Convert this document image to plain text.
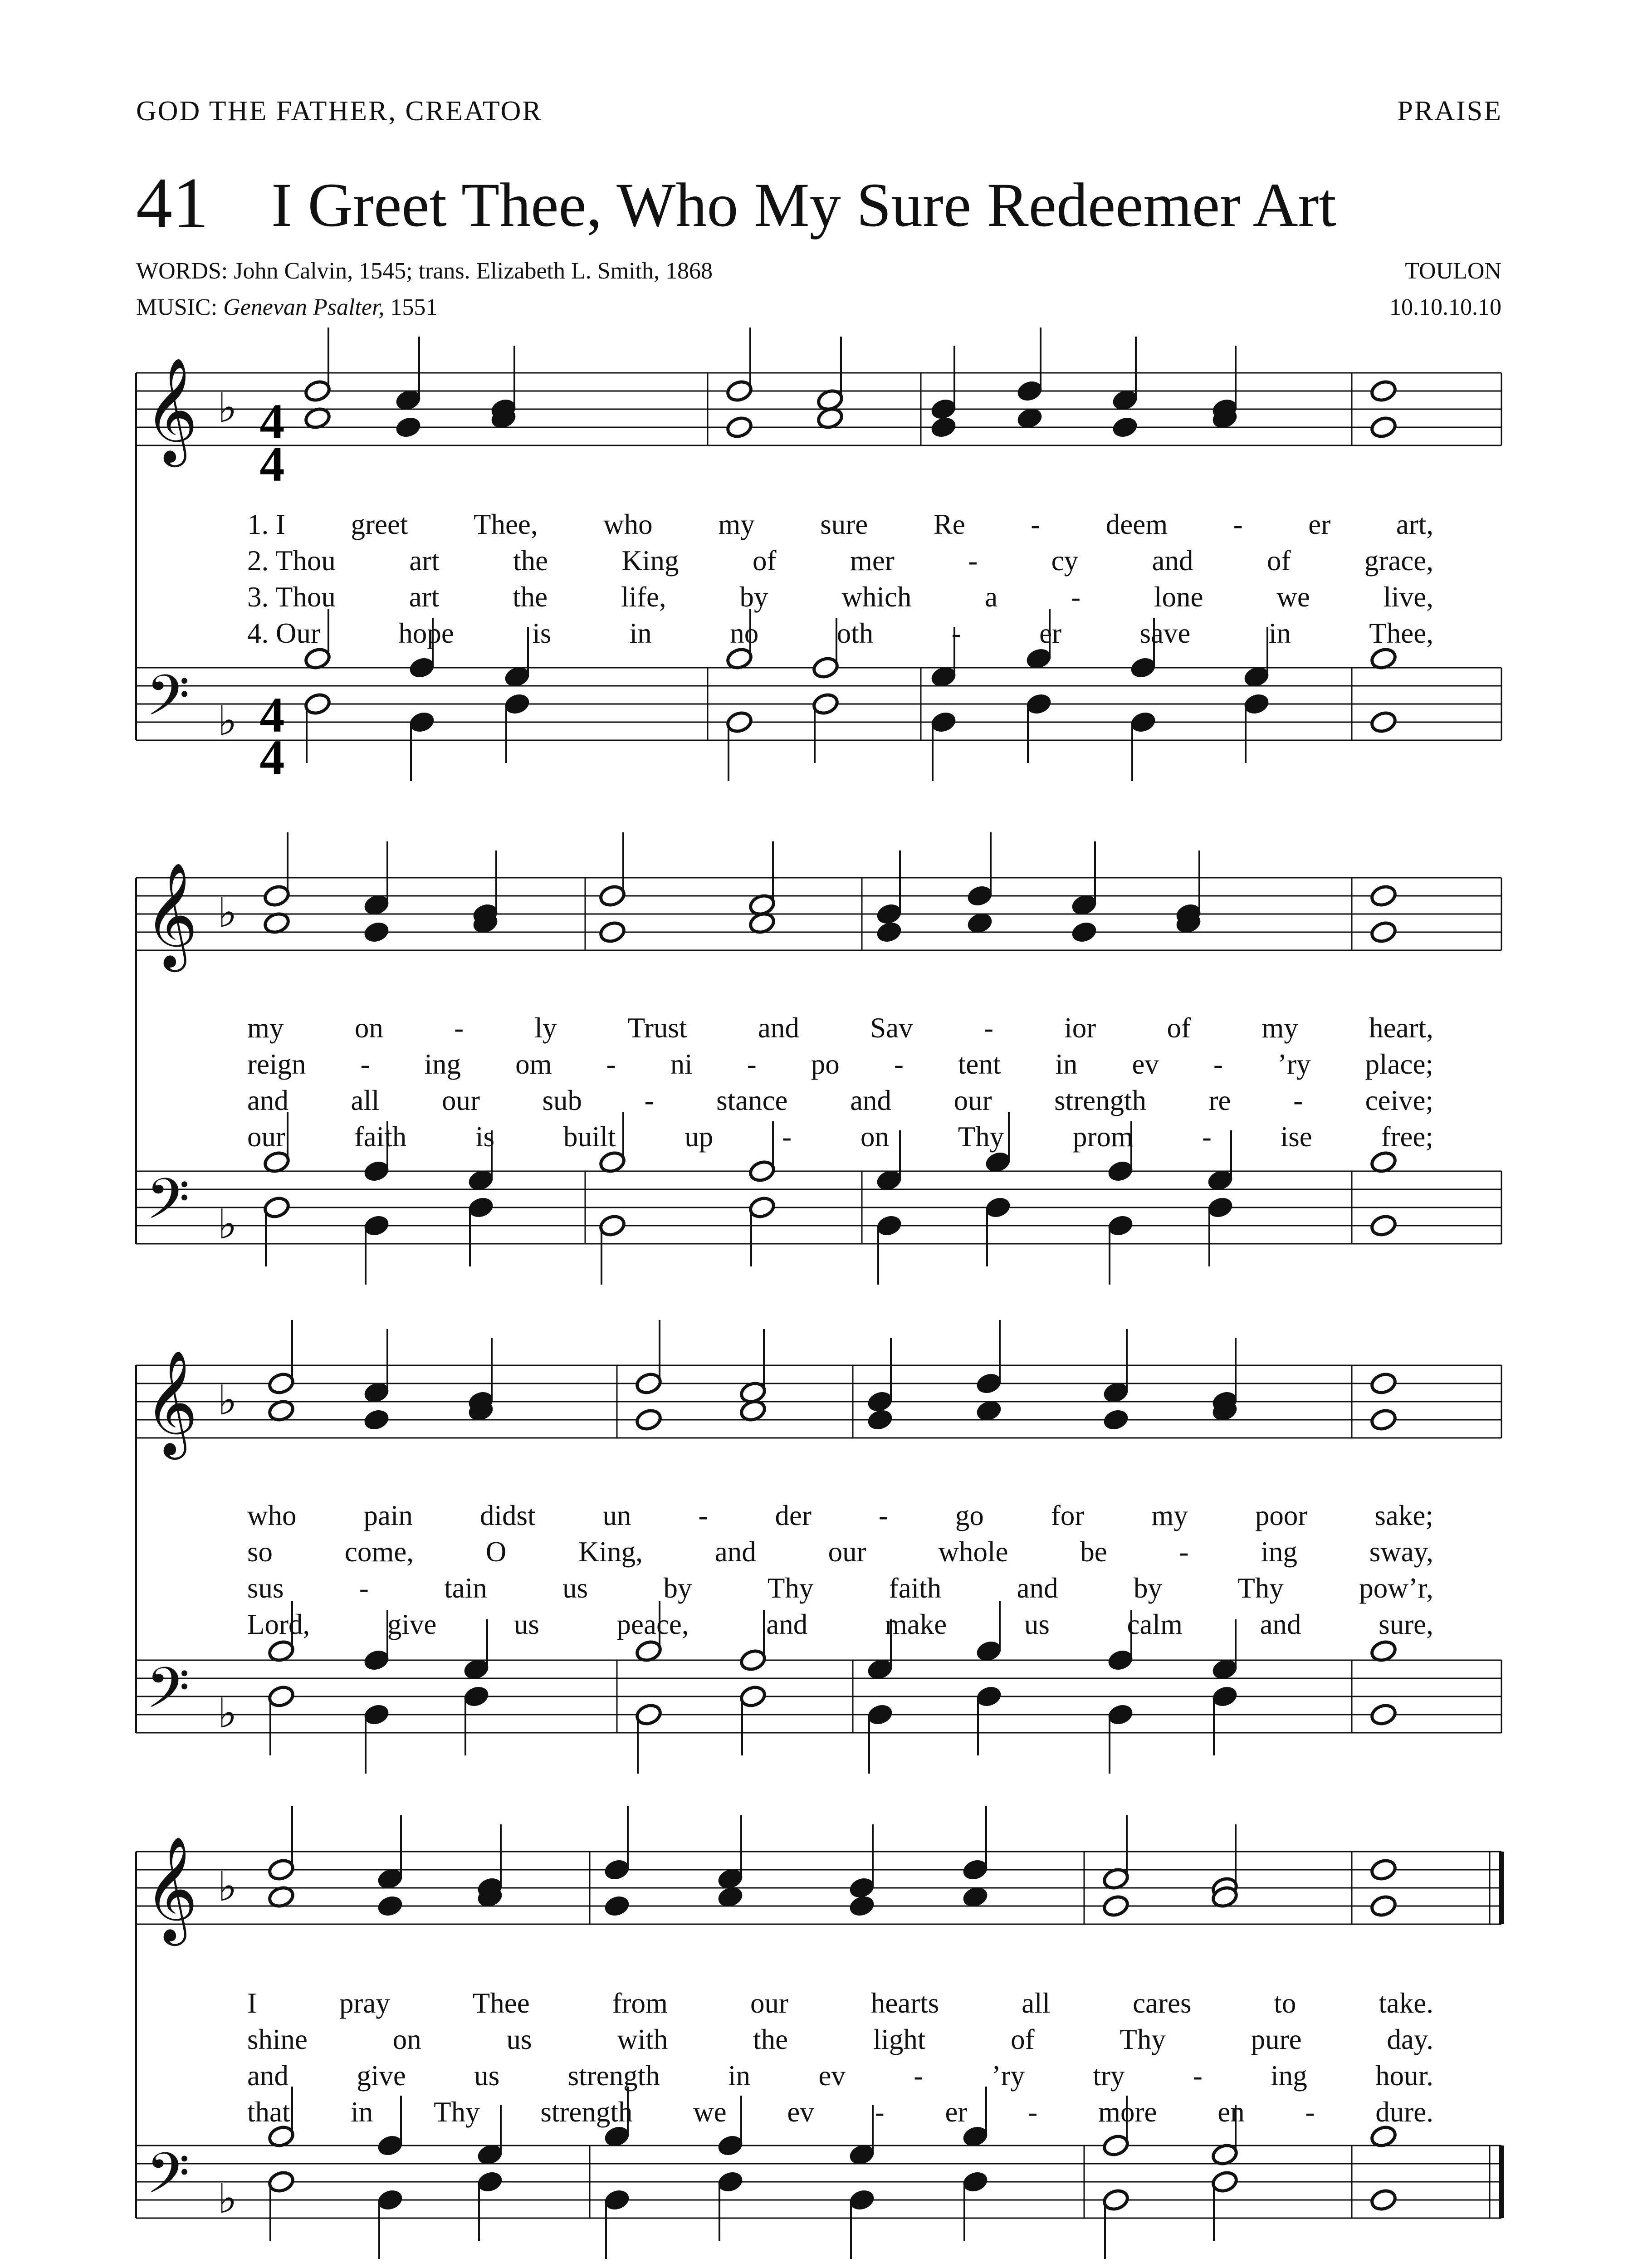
GOD THE FATHER, CREATOR	PRAISE
41 I Greet Thee, Who My Sure Redeemer Art
WORDS: John Calvin, 1545; trans. Elizabeth L. Smith, 1868
MUSIC: Genevan Psalter, 1551
TOULON
10.10.10.10
𝄞
𝄢
♭
♭
𝄞
𝄢
♭
♭
𝄞
𝄢
♭
♭
𝄞
𝄢
♭
♭
4
4
4
4
1. I greet Thee, who my sure Re - deem - er art,
2. Thou	art	the	King	of	mer	-	cy	and	of	grace,
3. Thou	art	the	life,	by	which	a	-	lone	we	live,
4. Our	hope	is	in	no	oth	-	er	save	in	Thee,
my on - ly Trust and Sav - ior of my heart,
reign - ing om - ni - po - tent in ev - ’ry place;
and all our sub - stance and our strength re - ceive;
our faith is built up - on Thy prom - ise free;
who pain didst un - der - go for my poor sake;
so	come,	O	King,	and	our	whole	be	-	ing	sway,
sus	-	tain	us	by	Thy	faith	and	by	Thy	pow’r,
Lord,	give	us	peace,	and	make	us	calm	and	sure,
I	pray	Thee	from	our	hearts	all	cares	to	take.
shine	on	us	with	the	light	of	Thy	pure	day.
and give us strength in ev - ’ry try - ing hour.
that in Thy strength we ev - er - more en - dure.
